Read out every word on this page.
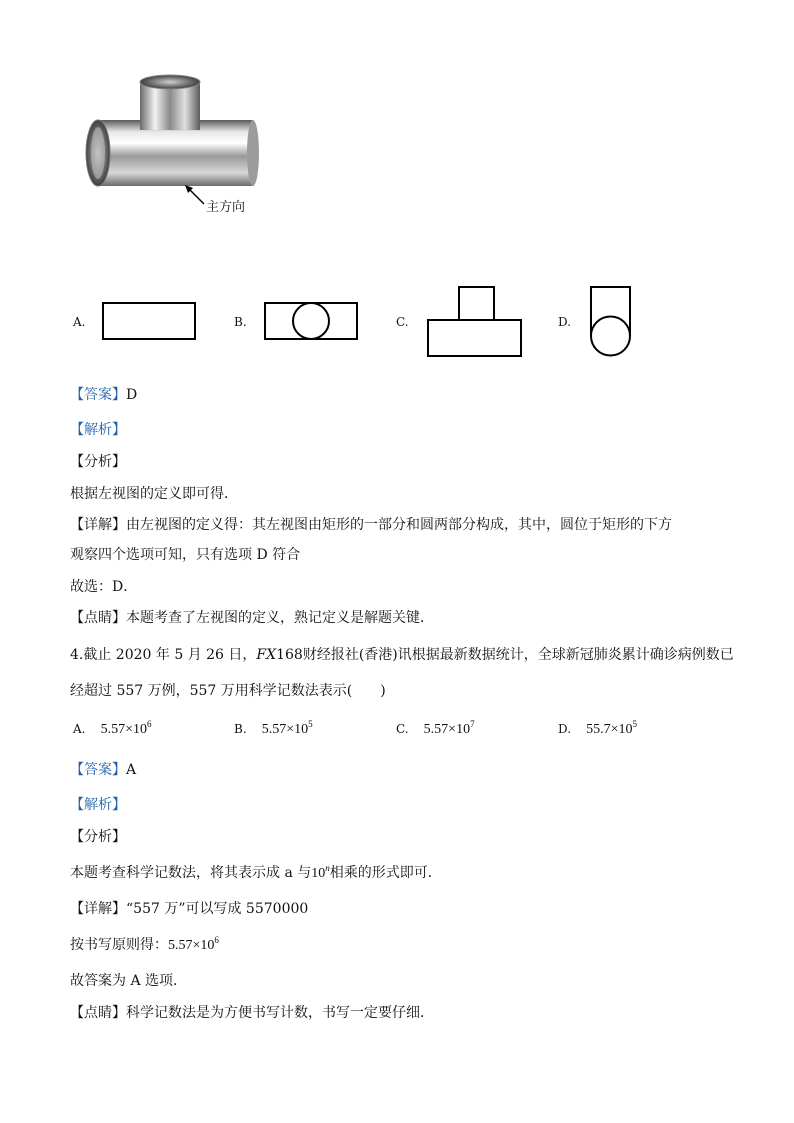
主方向
A.	B.	C.	D.
【答案】D
【解析】
【分析】
根据左视图的定义即可得．
【详解】由左视图的定义得：其左视图由矩形的一部分和圆两部分构成，其中，圆位于矩形的下方
观察四个选项可知，只有选项 D 符合
故选：D．
【点睛】本题考查了左视图的定义，熟记定义是解题关键．
4.截止 2020 年 5 月 26 日，FX168财经报社(香港)讯根据最新数据统计，全球新冠肺炎累计确诊病例数已
经超过 557 万例，557 万用科学记数法表示(　　)
A. $5.57\times 10^6$	B. $5.57\times 10^5$	C. $5.57\times 10^7$	D. $55.7\times 10^5$
【答案】A
【解析】
【分析】
本题考查科学记数法，将其表示成 a 与10$^n$相乘的形式即可．
【详解】“557 万”可以写成 5570000
按书写原则得：$5.57\times 10^6$
故答案为 A 选项．
【点睛】科学记数法是为方便书写计数，书写一定要仔细．
